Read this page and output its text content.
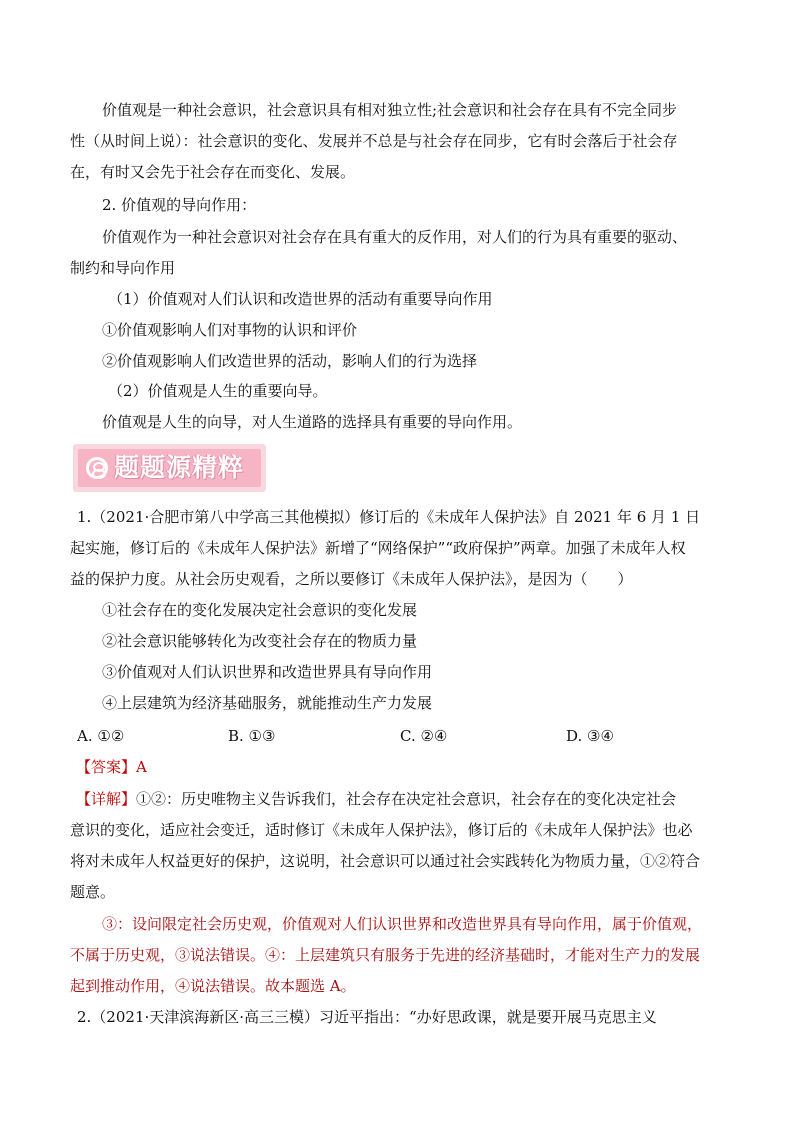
价值观是一种社会意识，社会意识具有相对独立性;社会意识和社会存在具有不完全同步
性（从时间上说）：社会意识的变化、发展并不总是与社会存在同步，它有时会落后于社会存
在，有时又会先于社会存在而变化、发展。
2. 价值观的导向作用：
价值观作为一种社会意识对社会存在具有重大的反作用，对人们的行为具有重要的驱动、
制约和导向作用
（1）价值观对人们认识和改造世界的活动有重要导向作用
①价值观影响人们对事物的认识和评价
②价值观影响人们改造世界的活动，影响人们的行为选择
（2）价值观是人生的重要向导。
价值观是人生的向导，对人生道路的选择具有重要的导向作用。
题题源精粹
1.（2021·合肥市第八中学高三其他模拟）修订后的《未成年人保护法》自 2021 年 6 月 1 日
起实施，修订后的《未成年人保护法》新增了“网络保护”“政府保护”两章。加强了未成年人权
益的保护力度。从社会历史观看，之所以要修订《未成年人保护法》，是因为（　　）
①社会存在的变化发展决定社会意识的变化发展
②社会意识能够转化为改变社会存在的物质力量
③价值观对人们认识世界和改造世界具有导向作用
④上层建筑为经济基础服务，就能推动生产力发展
A. ①②	B. ①③	C. ②④	D. ③④
【答案】A
【详解】①②：历史唯物主义告诉我们，社会存在决定社会意识，社会存在的变化决定社会
意识的变化，适应社会变迁，适时修订《未成年人保护法》，修订后的《未成年人保护法》也必
将对未成年人权益更好的保护，这说明，社会意识可以通过社会实践转化为物质力量，①②符合
题意。
③：设问限定社会历史观，价值观对人们认识世界和改造世界具有导向作用，属于价值观，
不属于历史观，③说法错误。④：上层建筑只有服务于先进的经济基础时，才能对生产力的发展
起到推动作用，④说法错误。故本题选 A。
2.（2021·天津滨海新区·高三三模）习近平指出：“办好思政课，就是要开展马克思主义
